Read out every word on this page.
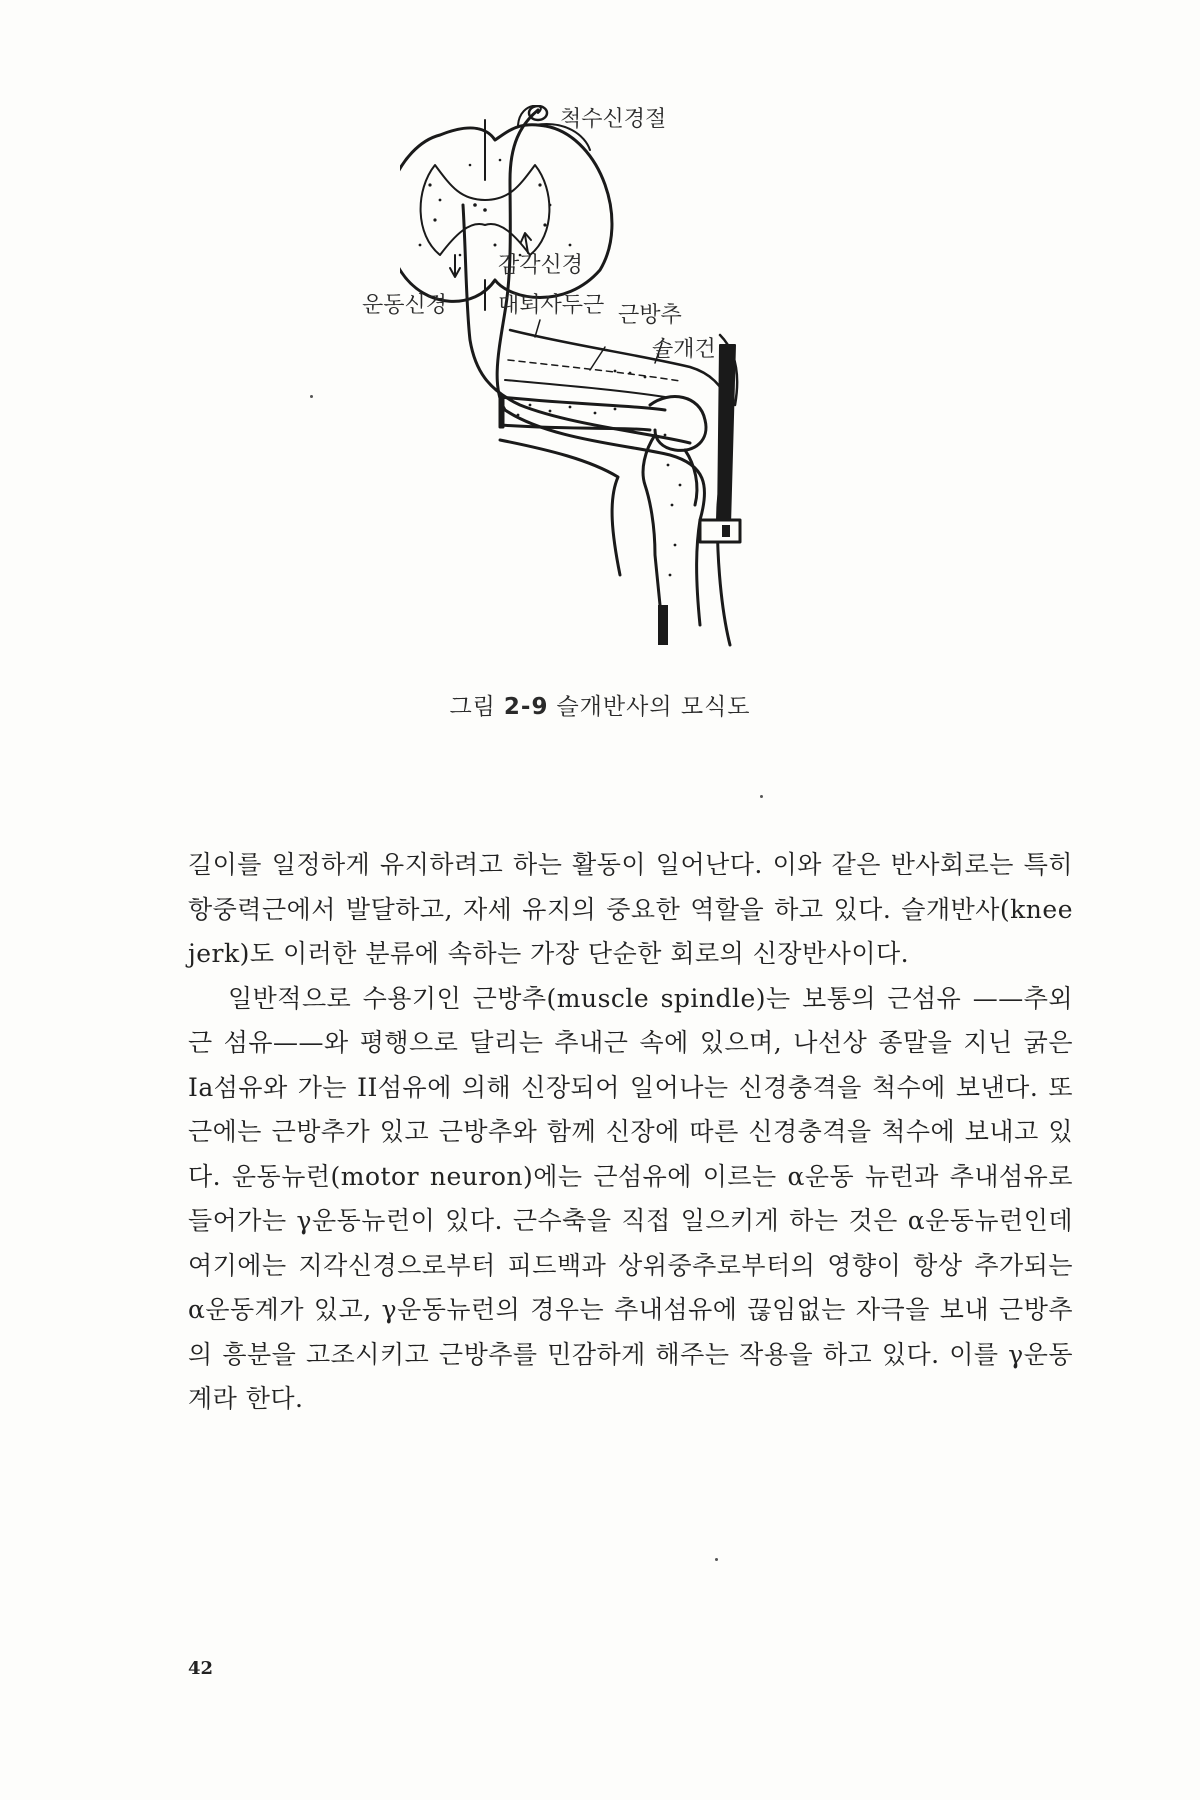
척수신경절
감각신경
운동신경 대퇴사두근 근방추
슬개건
그림 2-9 슬개반사의 모식도

길이를 일정하게 유지하려고 하는 활동이 일어난다. 이와 같은 반사회로는 특히 항중력근에서 발달하고, 자세 유지의 중요한 역할을 하고 있다. 슬개반사(knee jerk)도 이러한 분류에 속하는 가장 단순한 회로의 신장반사이다.

일반적으로 수용기인 근방추(muscle spindle)는 보통의 근섬유 ——추외근 섬유——와 평행으로 달리는 추내근 속에 있으며, 나선상 종말을 지닌 굵은 Ia섬유와 가는 II섬유에 의해 신장되어 일어나는 신경충격을 척수에 보낸다. 또 근에는 근방추가 있고 근방추와 함께 신장에 따른 신경충격을 척수에 보내고 있다. 운동뉴런(motor neuron)에는 근섬유에 이르는 α운동 뉴런과 추내섬유로 들어가는 γ운동뉴런이 있다. 근수축을 직접 일으키게 하는 것은 α운동뉴런인데 여기에는 지각신경으로부터 피드백과 상위중추로부터의 영향이 항상 추가되는 α운동계가 있고, γ운동뉴런의 경우는 추내섬유에 끊임없는 자극을 보내 근방추의 흥분을 고조시키고 근방추를 민감하게 해주는 작용을 하고 있다. 이를 γ운동계라 한다.

42
